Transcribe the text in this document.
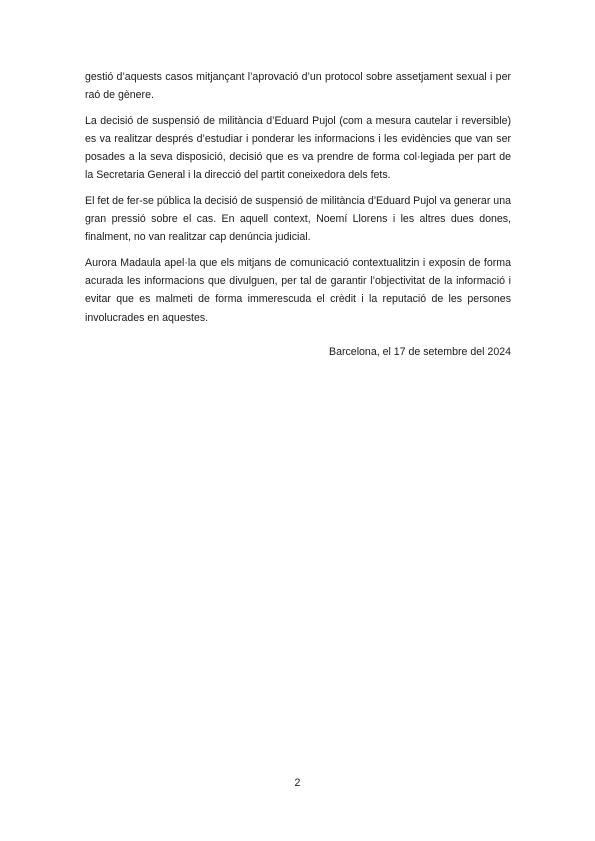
gestió d’aquests casos mitjançant l’aprovació d’un protocol sobre assetjament sexual i per raó de gènere.

La decisió de suspensió de militància d’Eduard Pujol (com a mesura cautelar i reversible) es va realitzar després d’estudiar i ponderar les informacions i les evidències que van ser posades a la seva disposició, decisió que es va prendre de forma col·legiada per part de la Secretaria General i la direcció del partit coneixedora dels fets.

El fet de fer-se pública la decisió de suspensió de militància d’Eduard Pujol va generar una gran pressió sobre el cas. En aquell context, Noemí Llorens i les altres dues dones, finalment, no van realitzar cap denúncia judicial.

Aurora Madaula apel·la que els mitjans de comunicació contextualitzin i exposin de forma acurada les informacions que divulguen, per tal de garantir l’objectivitat de la informació i evitar que es malmeti de forma immerescuda el crèdit i la reputació de les persones involucrades en aquestes.

Barcelona, el 17 de setembre del 2024

2
